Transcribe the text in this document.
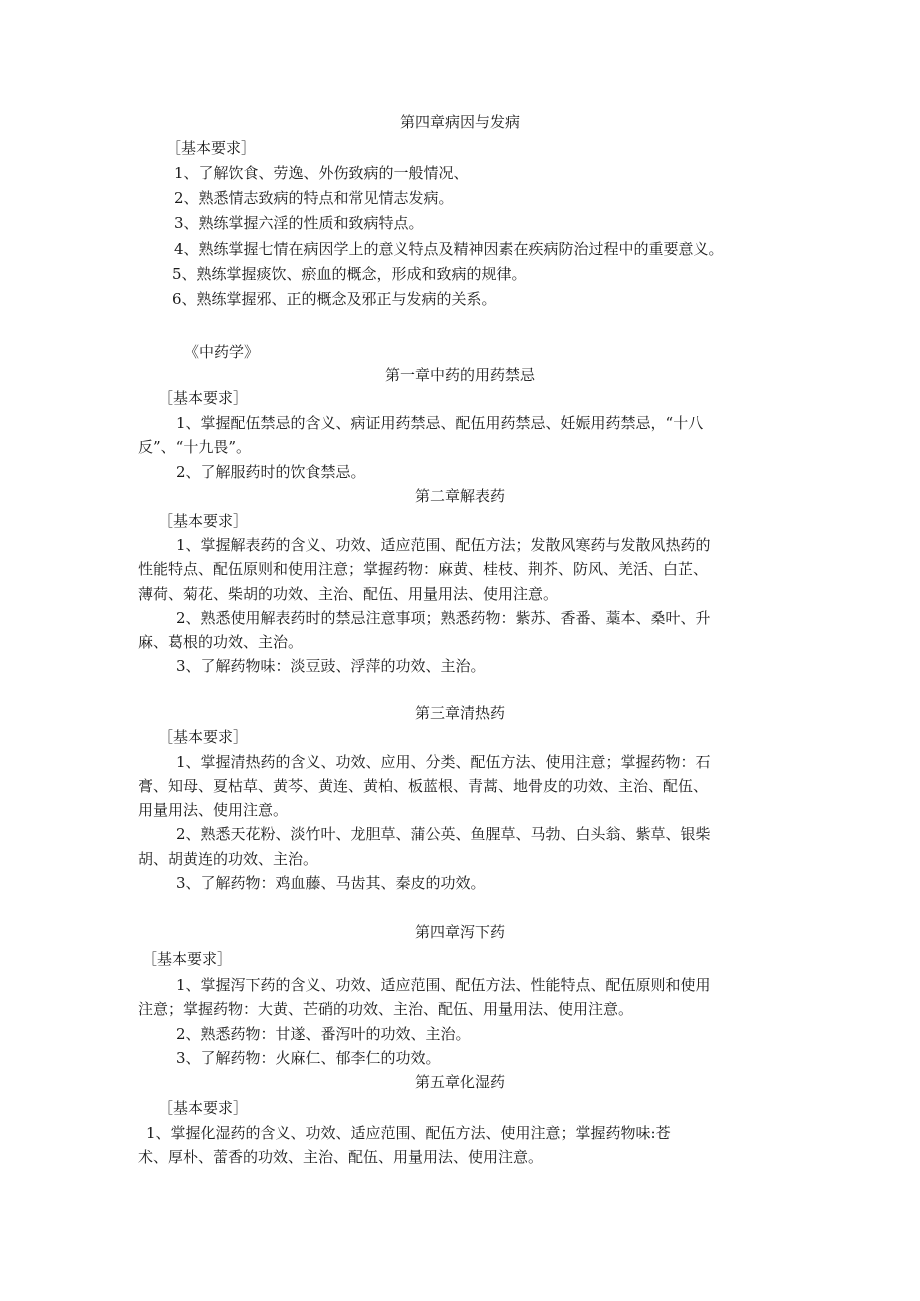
第四章病因与发病
［基本要求］
1、了解饮食、劳逸、外伤致病的一般情况、
2、熟悉情志致病的特点和常见情志发病。
3、熟练掌握六淫的性质和致病特点。
4、熟练掌握七情在病因学上的意义特点及精神因素在疾病防治过程中的重要意义。
5、熟练掌握痰饮、瘀血的概念，形成和致病的规律。
6、熟练掌握邪、正的概念及邪正与发病的关系。
《中药学》
第一章中药的用药禁忌
［基本要求］
1、掌握配伍禁忌的含义、病证用药禁忌、配伍用药禁忌、妊娠用药禁忌，“十八
反”、“十九畏”。
2、了解服药时的饮食禁忌。
第二章解表药
［基本要求］
1、掌握解表药的含义、功效、适应范围、配伍方法；发散风寒药与发散风热药的
性能特点、配伍原则和使用注意；掌握药物：麻黄、桂枝、荆芥、防风、羌活、白芷、
薄荷、菊花、柴胡的功效、主治、配伍、用量用法、使用注意。
2、熟悉使用解表药时的禁忌注意事项；熟悉药物：紫苏、香番、藁本、桑叶、升
麻、葛根的功效、主治。
3、了解药物味：淡豆豉、浮萍的功效、主治。
第三章清热药
［基本要求］
1、掌握清热药的含义、功效、应用、分类、配伍方法、使用注意；掌握药物：石
膏、知母、夏枯草、黄芩、黄连、黄柏、板蓝根、青蒿、地骨皮的功效、主治、配伍、
用量用法、使用注意。
2、熟悉天花粉、淡竹叶、龙胆草、蒲公英、鱼腥草、马勃、白头翁、紫草、银柴
胡、胡黄连的功效、主治。
3、了解药物：鸡血藤、马齿其、秦皮的功效。
第四章泻下药
［基本要求］
1、掌握泻下药的含义、功效、适应范围、配伍方法、性能特点、配伍原则和使用
注意；掌握药物：大黄、芒硝的功效、主治、配伍、用量用法、使用注意。
2、熟悉药物：甘遂、番泻叶的功效、主治。
3、了解药物：火麻仁、郁李仁的功效。
第五章化湿药
［基本要求］
1、掌握化湿药的含义、功效、适应范围、配伍方法、使用注意；掌握药物味:苍
术、厚朴、蕾香的功效、主治、配伍、用量用法、使用注意。
